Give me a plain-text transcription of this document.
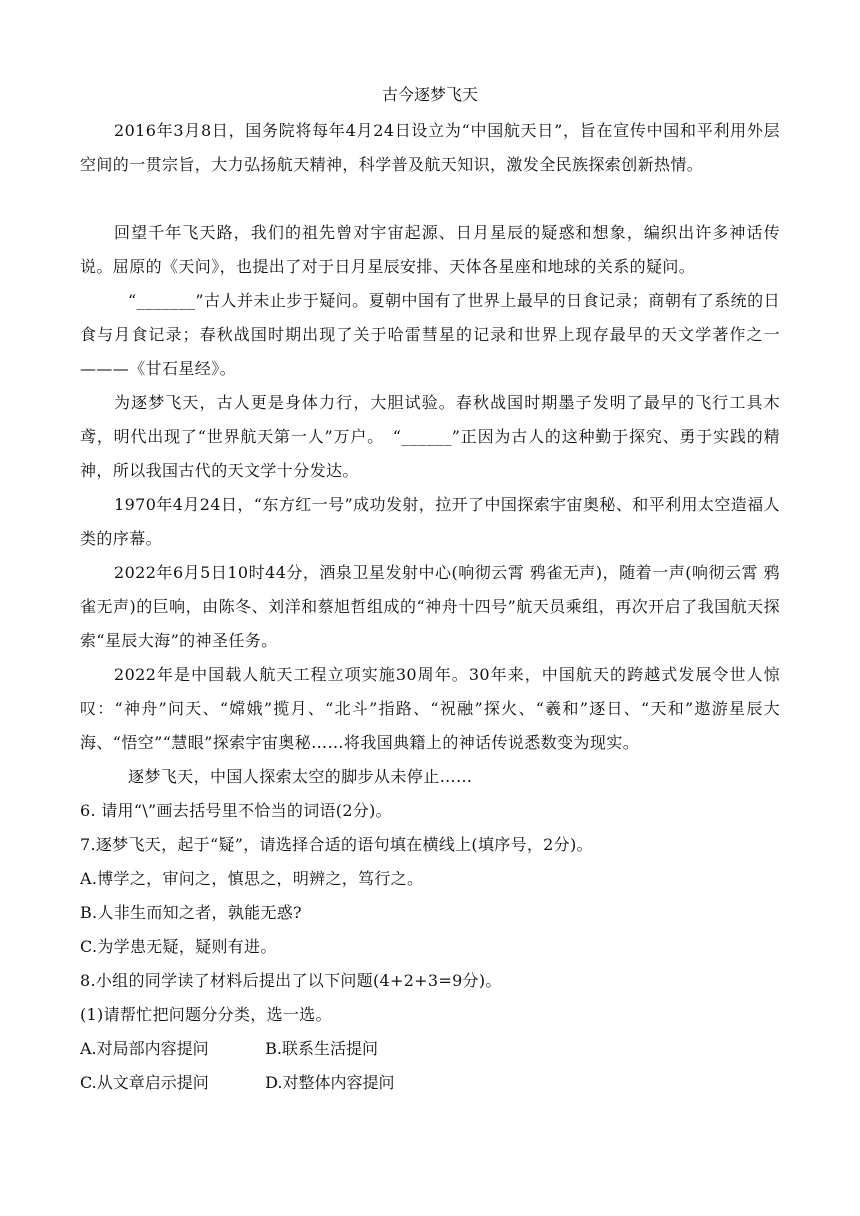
古今逐梦飞天

2016年3月8日，国务院将每年4月24日设立为“中国航天日”，旨在宣传中国和平利用外层空间的一贯宗旨，大力弘扬航天精神，科学普及航天知识，激发全民族探索创新热情。

回望千年飞天路，我们的祖先曾对宇宙起源、日月星辰的疑惑和想象，编织出许多神话传说。屈原的《天问》，也提出了对于日月星辰安排、天体各星座和地球的关系的疑问。

“_______”古人并未止步于疑问。夏朝中国有了世界上最早的日食记录；商朝有了系统的日食与月食记录；春秋战国时期出现了关于哈雷彗星的记录和世界上现存最早的天文学著作之一———《甘石星经》。

为逐梦飞天，古人更是身体力行，大胆试验。春秋战国时期墨子发明了最早的飞行工具木鸢，明代出现了“世界航天第一人”万户。　“______”正因为古人的这种勤于探究、勇于实践的精神，所以我国古代的天文学十分发达。

1970年4月24日，“东方红一号”成功发射，拉开了中国探索宇宙奥秘、和平利用太空造福人类的序幕。

2022年6月5日10时44分，酒泉卫星发射中心(响彻云霄 鸦雀无声)，随着一声(响彻云霄 鸦雀无声)的巨响，由陈冬、刘洋和蔡旭哲组成的“神舟十四号”航天员乘组，再次开启了我国航天探索“星辰大海”的神圣任务。

2022年是中国载人航天工程立项实施30周年。30年来，中国航天的跨越式发展令世人惊叹：“神舟”问天、“嫦娥”揽月、“北斗”指路、“祝融”探火、“羲和”逐日、“天和”遨游星辰大海、“悟空”“慧眼”探索宇宙奥秘……将我国典籍上的神话传说悉数变为现实。

逐梦飞天，中国人探索太空的脚步从未停止……

6. 请用“\”画去括号里不恰当的词语(2分)。

7.逐梦飞天，起于“疑”，请选择合适的语句填在横线上(填序号，2分)。

A.博学之，审问之，慎思之，明辨之，笃行之。

B.人非生而知之者，孰能无惑?

C.为学患无疑，疑则有进。

8.小组的同学读了材料后提出了以下问题(4+2+3=9分)。

(1)请帮忙把问题分分类，选一选。

A.对局部内容提问	B.联系生活提问
C.从文章启示提问	D.对整体内容提问
